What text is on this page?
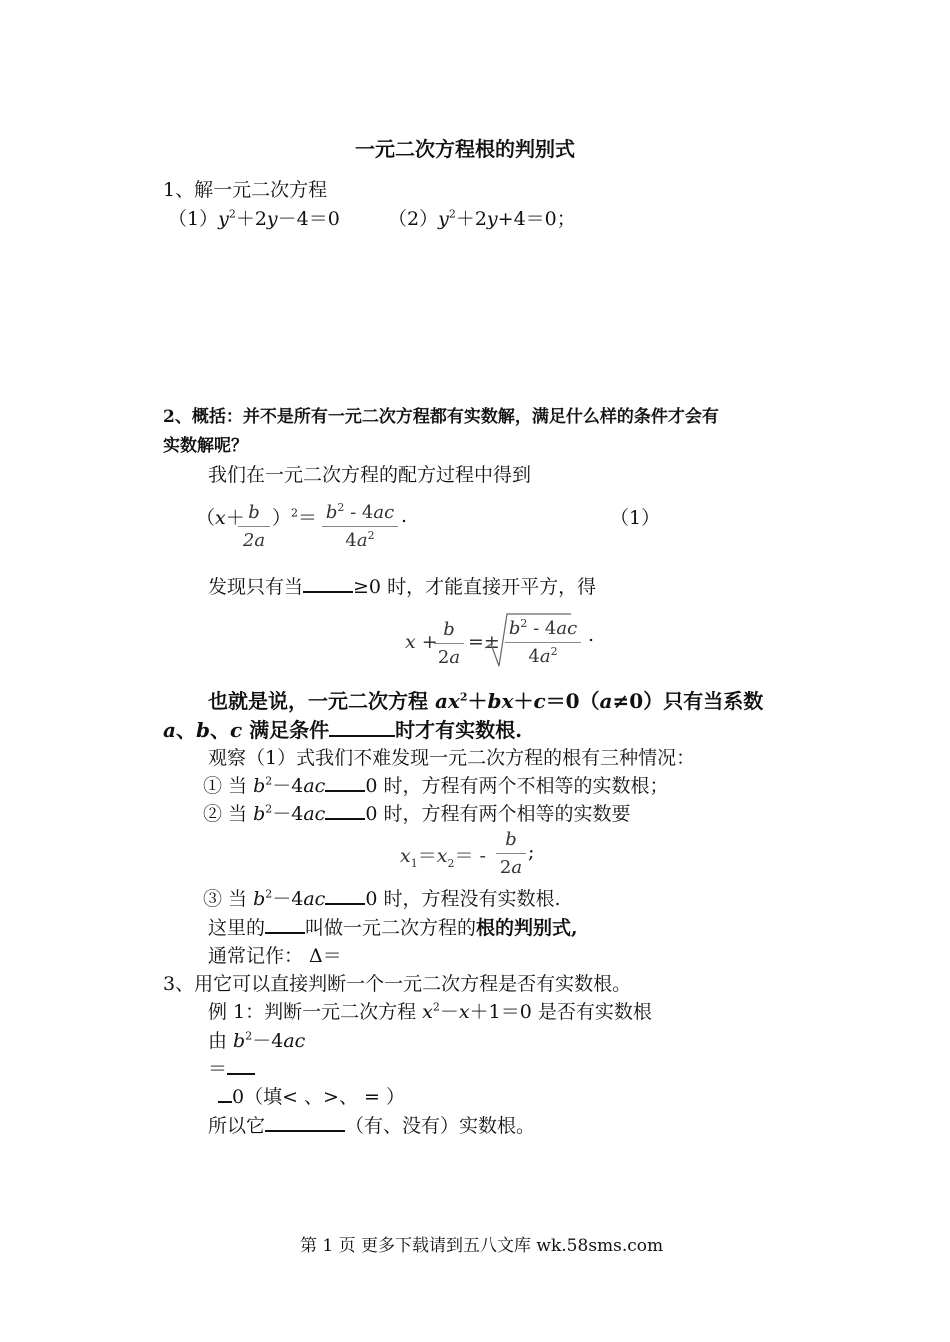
一元二次方程根的判别式
1、解一元二次方程
$(1)y^2+2y-4=0$	$(2)y^2+2y+4=0$；
2、概括：并不是所有一元二次方程都有实数解，满足什么样的条件才会有
实数解呢？
我们在一元二次方程的配方过程中得到
（x＋ b
2a
）$^2= b^2 - 4ac$
$4a^2$
.	（1）
发现只有当	≥0 时，才能直接开平方，得
x +
b
2a
=±
$b^2 - 4ac$
$4a^2$
.
也就是说，一元二次方程 $ax^2+bx+c=0(a\ne 0)$只有当系数
a、b、c 满足条件	时才有实数根.
观察（1）式我们不难发现一元二次方程的根有三种情况：
① 当 $b^2-4ac$ 0 时，方程有两个不相等的实数根；
② 当 $b^2-4ac$ 0 时，方程有两个相等的实数要
$x_1=x_2=$ -
b
2a
;
③ 当 $b^2-4ac$ 0 时，方程没有实数根.
这里的 叫做一元二次方程的根的判别式,
通常记作： Δ＝
3、用它可以直接判断一个一元二次方程是否有实数根。
例 1：判断一元二次方程 $x^2-x+1=0$ 是否有实数根
由 $b^2-4ac$
＝
0（填< 、>、 = ）
所以它	（有、没有）实数根。
第 1 页 更多下载请到五八文库 wk.58sms.com
